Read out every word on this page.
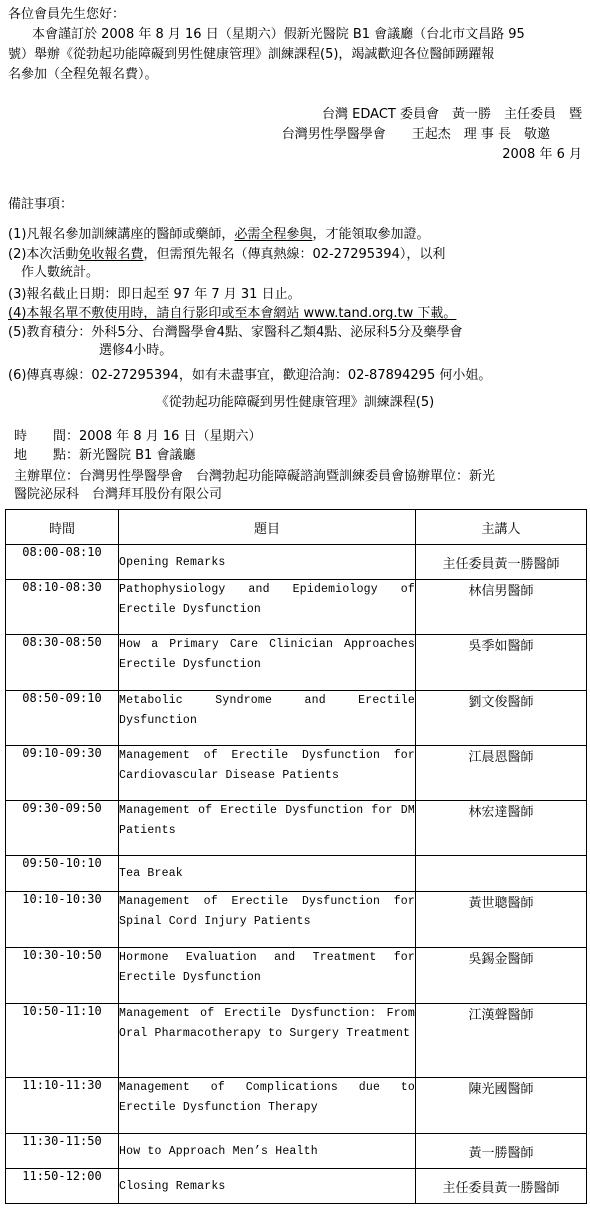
各位會員先生您好：
本會謹訂於 2008 年 8 月 16 日（星期六）假新光醫院 B1 會議廳（台北市文昌路 95
號）舉辦《從勃起功能障礙到男性健康管理》訓練課程(5)，竭誠歡迎各位醫師踴躍報
名參加（全程免報名費）。
台灣 EDACT 委員會　黃一勝　主任委員　暨
台灣男性學醫學會　　王起杰　理 事 長　敬邀
2008 年 6 月
備註事項：
(1)凡報名參加訓練講座的醫師或藥師，必需全程參與，才能領取參加證。
(2)本次活動免收報名費，但需預先報名（傳真熱線：02-27295394），以利
　作人數統計。
(3)報名截止日期：即日起至 97 年 7 月 31 日止。
(4)本報名單不敷使用時，請自行影印或至本會網站 www.tand.org.tw 下載。
(5)教育積分：外科5分、台灣醫學會4點、家醫科乙類4點、泌尿科5分及藥學會
　　　　　　　選修4小時。
(6)傳真專線：02-27295394，如有未盡事宜，歡迎洽詢：02-87894295 何小姐。
《從勃起功能障礙到男性健康管理》訓練課程(5)
時　　間：2008 年 8 月 16 日（星期六）
地　　點：新光醫院 B1 會議廳
主辦單位：台灣男性學醫學會　台灣勃起功能障礙諮詢暨訓練委員會協辦單位：新光
醫院泌尿科　台灣拜耳股份有限公司
時間	題目	主講人
08:00-08:10	Opening Remarks	主任委員黃一勝醫師
08:10-08:30	Pathophysiology and Epidemiology of Erectile Dysfunction	林信男醫師
08:30-08:50	How a Primary Care Clinician Approaches Erectile Dysfunction	吳季如醫師
08:50-09:10	Metabolic Syndrome and Erectile Dysfunction	劉文俊醫師
09:10-09:30	Management of Erectile Dysfunction for Cardiovascular Disease Patients	江晨恩醫師
09:30-09:50	Management of Erectile Dysfunction for DM Patients	林宏達醫師
09:50-10:10	Tea Break	
10:10-10:30	Management of Erectile Dysfunction for Spinal Cord Injury Patients	黃世聰醫師
10:30-10:50	Hormone Evaluation and Treatment for Erectile Dysfunction	吳錫金醫師
10:50-11:10	Management of Erectile Dysfunction: From Oral Pharmacotherapy to Surgery Treatment	江漢聲醫師
11:10-11:30	Management of Complications due to Erectile Dysfunction Therapy	陳光國醫師
11:30-11:50	How to Approach Men’s Health	黃一勝醫師
11:50-12:00	Closing Remarks	主任委員黃一勝醫師
